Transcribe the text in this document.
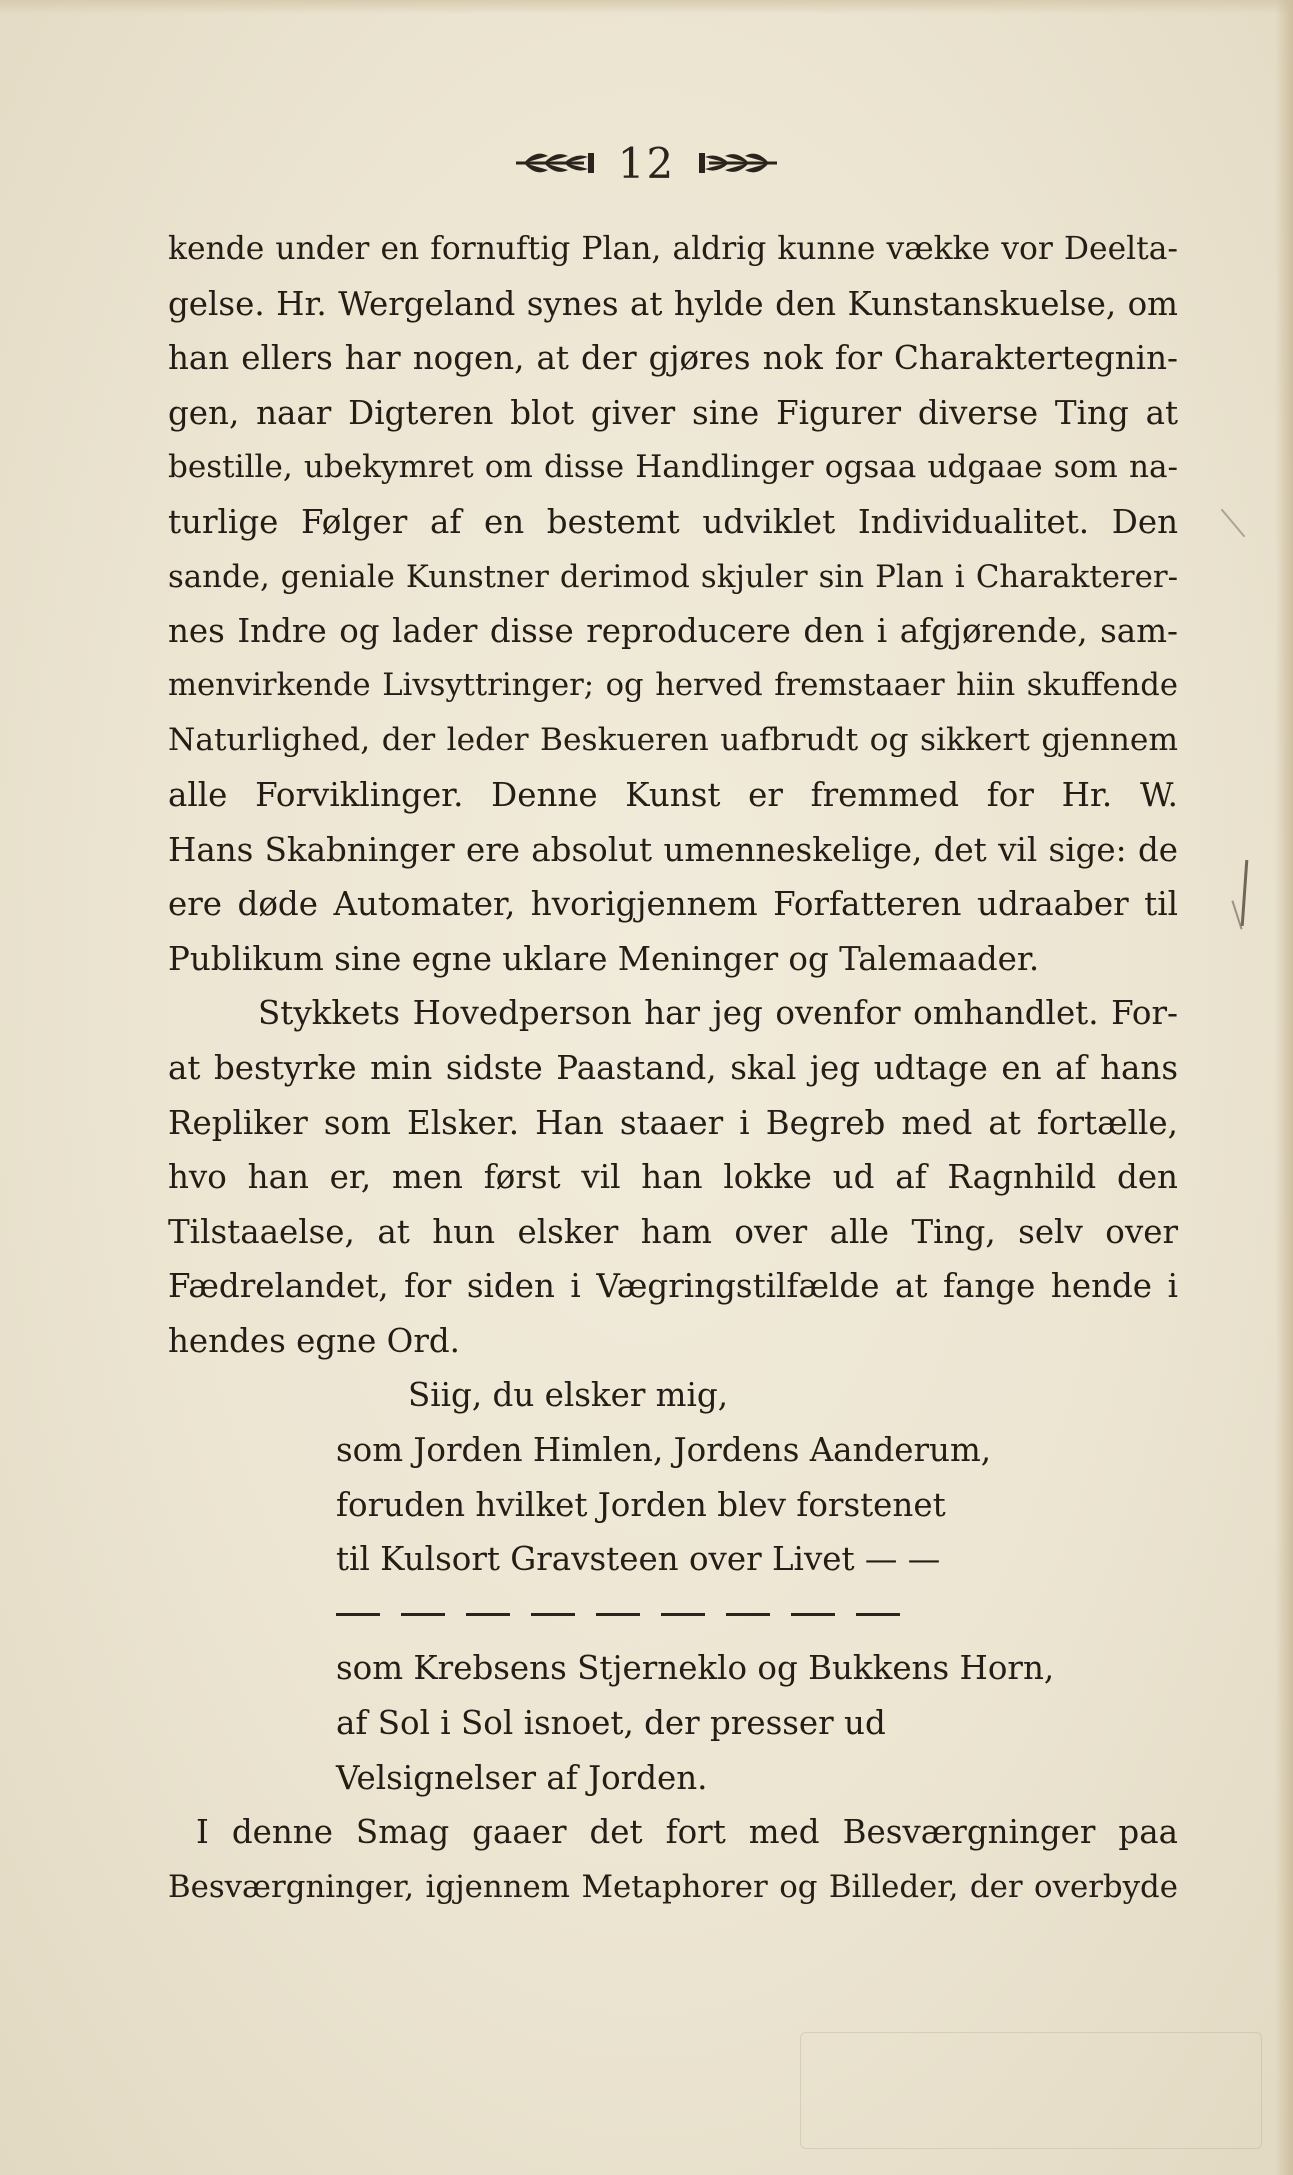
12
kende under en fornuftig Plan, aldrig kunne vække vor Deelta-
gelse. Hr. Wergeland synes at hylde den Kunstanskuelse, om
han ellers har nogen, at der gjøres nok for Charaktertegnin-
gen, naar Digteren blot giver sine Figurer diverse Ting at
bestille, ubekymret om disse Handlinger ogsaa udgaae som na-
turlige Følger af en bestemt udviklet Individualitet. Den
sande, geniale Kunstner derimod skjuler sin Plan i Charakterer-
nes Indre og lader disse reproducere den i afgjørende, sam-
menvirkende Livsyttringer; og herved fremstaaer hiin skuffende
Naturlighed, der leder Beskueren uafbrudt og sikkert gjennem
alle Forviklinger. Denne Kunst er fremmed for Hr. W.
Hans Skabninger ere absolut umenneskelige, det vil sige: de
ere døde Automater, hvorigjennem Forfatteren udraaber til
Publikum sine egne uklare Meninger og Talemaader.
Stykkets Hovedperson har jeg ovenfor omhandlet. For-
at bestyrke min sidste Paastand, skal jeg udtage en af hans
Repliker som Elsker. Han staaer i Begreb med at fortælle,
hvo han er, men først vil han lokke ud af Ragnhild den
Tilstaaelse, at hun elsker ham over alle Ting, selv over
Fædrelandet, for siden i Vægringstilfælde at fange hende i
hendes egne Ord.
Siig, du elsker mig,
som Jorden Himlen, Jordens Aanderum,
foruden hvilket Jorden blev forstenet
til Kulsort Gravsteen over Livet — —
som Krebsens Stjerneklo og Bukkens Horn,
af Sol i Sol isnoet, der presser ud
Velsignelser af Jorden.
I denne Smag gaaer det fort med Besværgninger paa
Besværgninger, igjennem Metaphorer og Billeder, der overbyde
